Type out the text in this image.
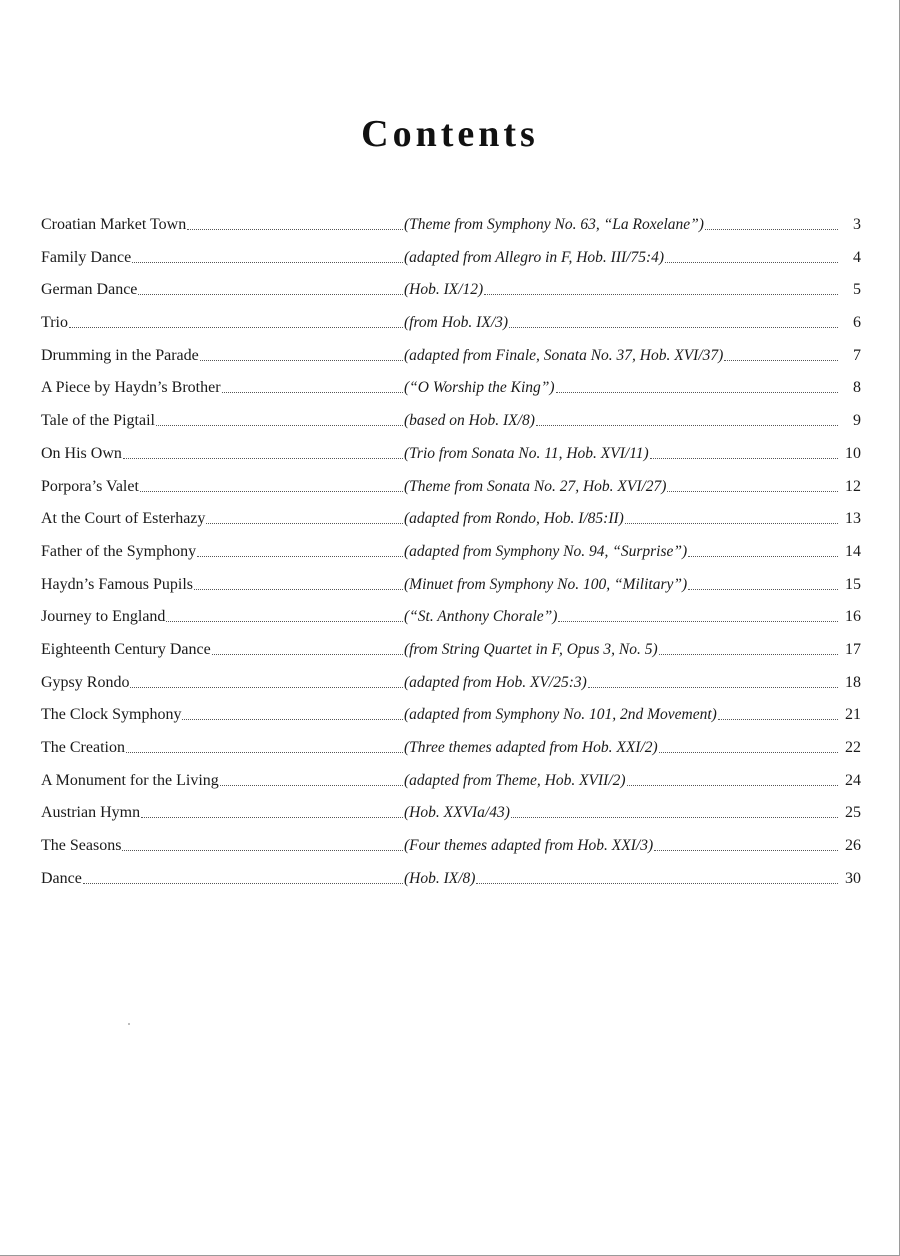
Contents
Croatian Market Town	(Theme from Symphony No. 63, “La Roxelane”)	3
Family Dance	(adapted from Allegro in F, Hob. III/75:4)	4
German Dance	(Hob. IX/12)	5
Trio	(from Hob. IX/3)	6
Drumming in the Parade	(adapted from Finale, Sonata No. 37, Hob. XVI/37)	7
A Piece by Haydn’s Brother	(“O Worship the King”)	8
Tale of the Pigtail	(based on Hob. IX/8)	9
On His Own	(Trio from Sonata No. 11, Hob. XVI/11)	10
Porpora’s Valet	(Theme from Sonata No. 27, Hob. XVI/27)	12
At the Court of Esterhazy	(adapted from Rondo, Hob. I/85:II)	13
Father of the Symphony	(adapted from Symphony No. 94, “Surprise”)	14
Haydn’s Famous Pupils	(Minuet from Symphony No. 100, “Military”)	15
Journey to England	(“St. Anthony Chorale”)	16
Eighteenth Century Dance	(from String Quartet in F, Opus 3, No. 5)	17
Gypsy Rondo	(adapted from Hob. XV/25:3)	18
The Clock Symphony	(adapted from Symphony No. 101, 2nd Movement)	21
The Creation	(Three themes adapted from Hob. XXI/2)	22
A Monument for the Living	(adapted from Theme, Hob. XVII/2)	24
Austrian Hymn	(Hob. XXVIa/43)	25
The Seasons	(Four themes adapted from Hob. XXI/3)	26
Dance	(Hob. IX/8)	30
